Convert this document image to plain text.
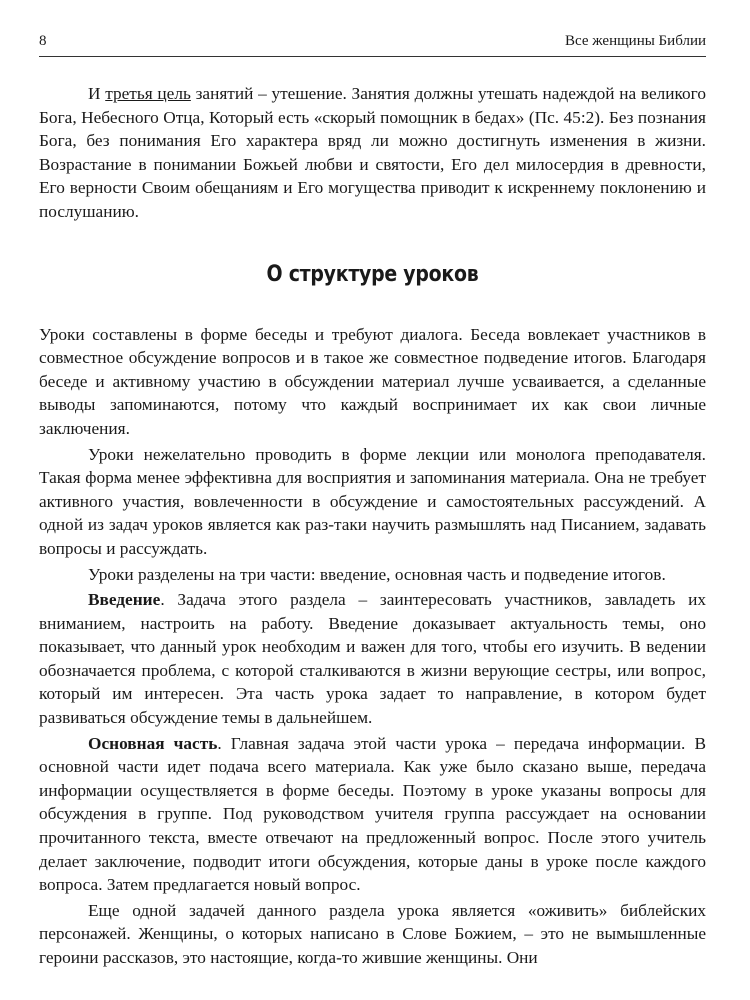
8	Все женщины Библии

И третья цель занятий – утешение. Занятия должны утешать надеждой на великого Бога, Небесного Отца, Который есть «скорый помощник в бедах» (Пс. 45:2). Без познания Бога, без понимания Его характера вряд ли можно достигнуть изменения в жизни. Возрастание в понимании Божьей любви и святости, Его дел милосердия в древности, Его верности Своим обещаниям и Его могущества приводит к искреннему поклонению и послушанию.

О структуре уроков

Уроки составлены в форме беседы и требуют диалога. Беседа вовлекает участников в совместное обсуждение вопросов и в такое же совместное подведение итогов. Благодаря беседе и активному участию в обсуждении материал лучше усваивается, а сделанные выводы запоминаются, потому что каждый воспринимает их как свои личные заключения.

Уроки нежелательно проводить в форме лекции или монолога преподавателя. Такая форма менее эффективна для восприятия и запоминания материала. Она не требует активного участия, вовлеченности в обсуждение и самостоятельных рассуждений. А одной из задач уроков является как раз-таки научить размышлять над Писанием, задавать вопросы и рассуждать.

Уроки разделены на три части: введение, основная часть и подведение итогов.

Введение. Задача этого раздела – заинтересовать участников, завладеть их вниманием, настроить на работу. Введение доказывает актуальность темы, оно показывает, что данный урок необходим и важен для того, чтобы его изучить. В ведении обозначается проблема, с которой сталкиваются в жизни верующие сестры, или вопрос, который им интересен. Эта часть урока задает то направление, в котором будет развиваться обсуждение темы в дальнейшем.

Основная часть. Главная задача этой части урока – передача информации. В основной части идет подача всего материала. Как уже было сказано выше, передача информации осуществляется в форме беседы. Поэтому в уроке указаны вопросы для обсуждения в группе. Под руководством учителя группа рассуждает на основании прочитанного текста, вместе отвечают на предложенный вопрос. После этого учитель делает заключение, подводит итоги обсуждения, которые даны в уроке после каждого вопроса. Затем предлагается новый вопрос.

Еще одной задачей данного раздела урока является «оживить» библейских персонажей. Женщины, о которых написано в Слове Божием, – это не вымышленные героини рассказов, это настоящие, когда-то жившие женщины. Они
